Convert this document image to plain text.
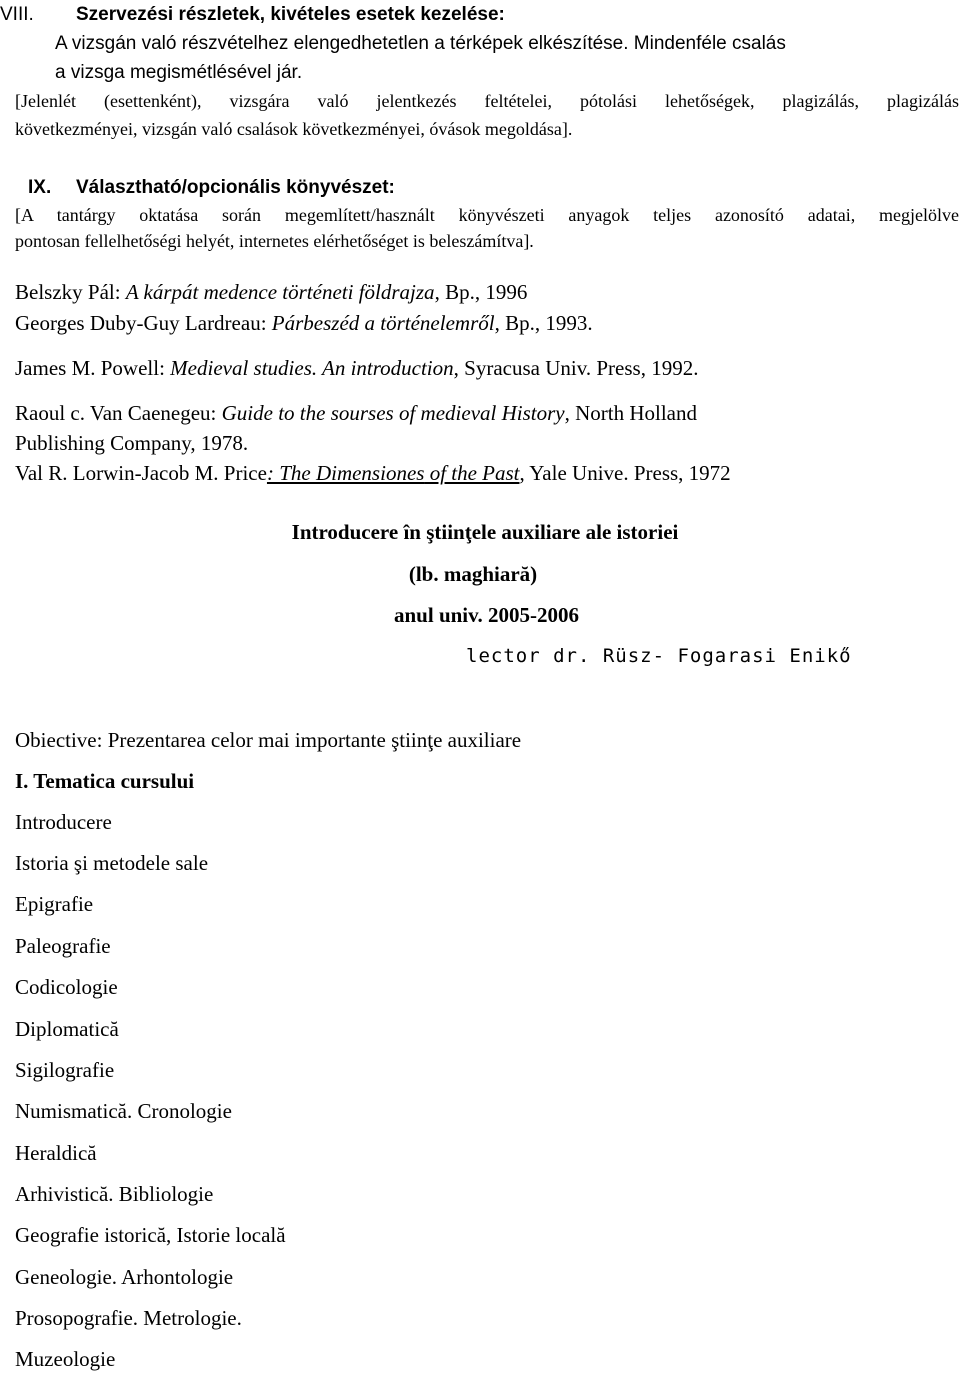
VIII. Szervezési részletek, kivételes esetek kezelése:
A vizsgán való részvételhez elengedhetetlen a térképek elkészítése. Mindenféle csalás
a vizsga megismétlésével jár.
[Jelenlét (esettenként), vizsgára való jelentkezés feltételei, pótolási lehetőségek, plagizálás, plagizálás
következményei, vizsgán való csalások következményei, óvások megoldása].
IX. Választható/opcionális könyvészet:
[A tantárgy oktatása során megemlített/használt könyvészeti anyagok teljes azonosító adatai, megjelölve
pontosan fellelhetőségi helyét, internetes elérhetőséget is beleszámítva].
Belszky Pál: A kárpát medence történeti földrajza, Bp., 1996
Georges Duby-Guy Lardreau: Párbeszéd a történelemről, Bp., 1993.
James M. Powell: Medieval studies. An introduction, Syracusa Univ. Press, 1992.
Raoul c. Van Caenegeu: Guide to the sourses of medieval History, North Holland
Publishing Company, 1978.
Val R. Lorwin-Jacob M. Price: The Dimensiones of the Past, Yale Unive. Press, 1972
Introducere în ştiinţele auxiliare ale istoriei
(lb. maghiară)
anul univ. 2005-2006
lector dr. Rüsz- Fogarasi Enikő
Obiective: Prezentarea celor mai importante ştiinţe auxiliare
I. Tematica cursului
Introducere
Istoria şi metodele sale
Epigrafie
Paleografie
Codicologie
Diplomatică
Sigilografie
Numismatică. Cronologie
Heraldică
Arhivistică. Bibliologie
Geografie istorică, Istorie locală
Geneologie. Arhontologie
Prosopografie. Metrologie.
Muzeologie
